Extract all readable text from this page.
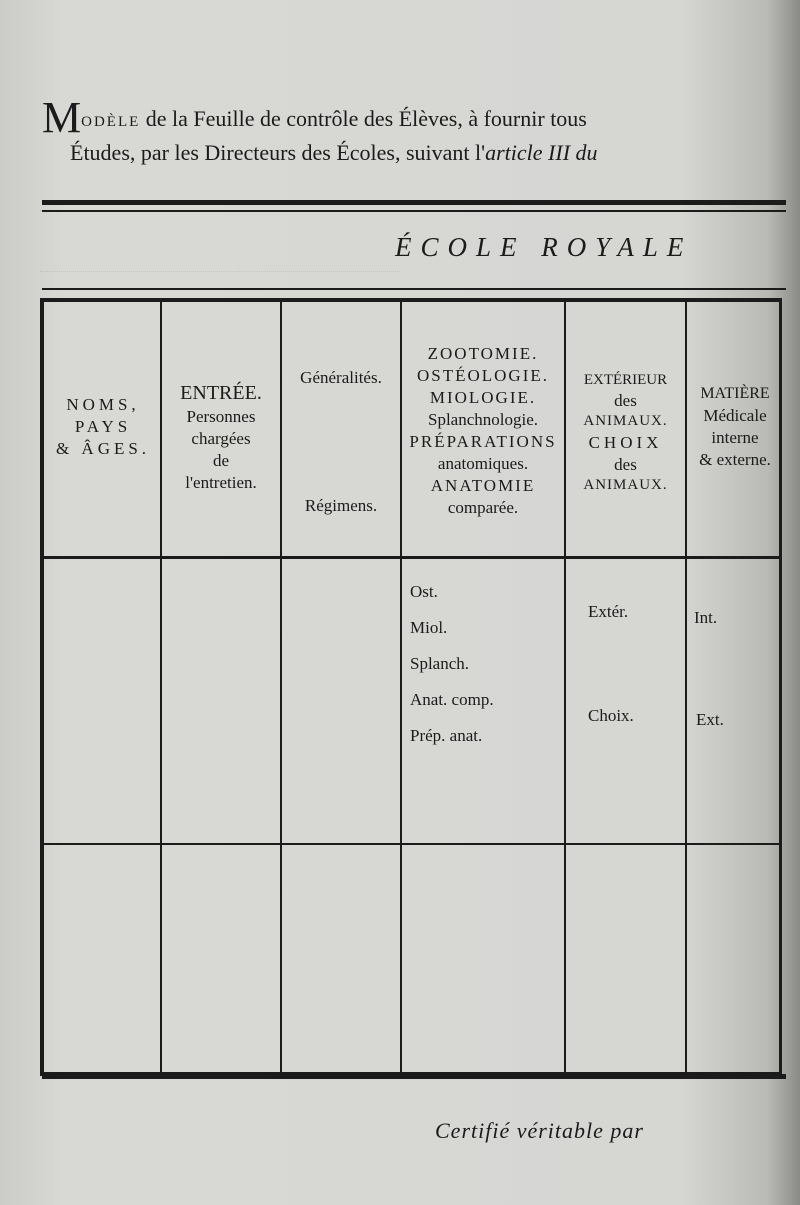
Modèle de la Feuille de contrôle des Élèves, à fournir tous
Études, par les Directeurs des Écoles, suivant l'article III du
ÉCOLE ROYALE
NOMS,
PAYS
& ÂGES.
ENTRÉE.
Personnes
chargées
de
l'entretien.
Généralités.
Régimens.
ZOOTOMIE.
OSTÉOLOGIE.
MIOLOGIE.
Splanchnologie.
PRÉPARATIONS
anatomiques.
ANATOMIE
comparée.
EXTÉRIEUR
des
ANIMAUX.
CHOIX
des
ANIMAUX.
MATIÈRE
Médicale
interne
& externe.
Ost.
Miol.
Splanch.
Anat. comp.
Prép. anat.
Extér.
Choix.
Int.
Ext.
Certifié véritable par
